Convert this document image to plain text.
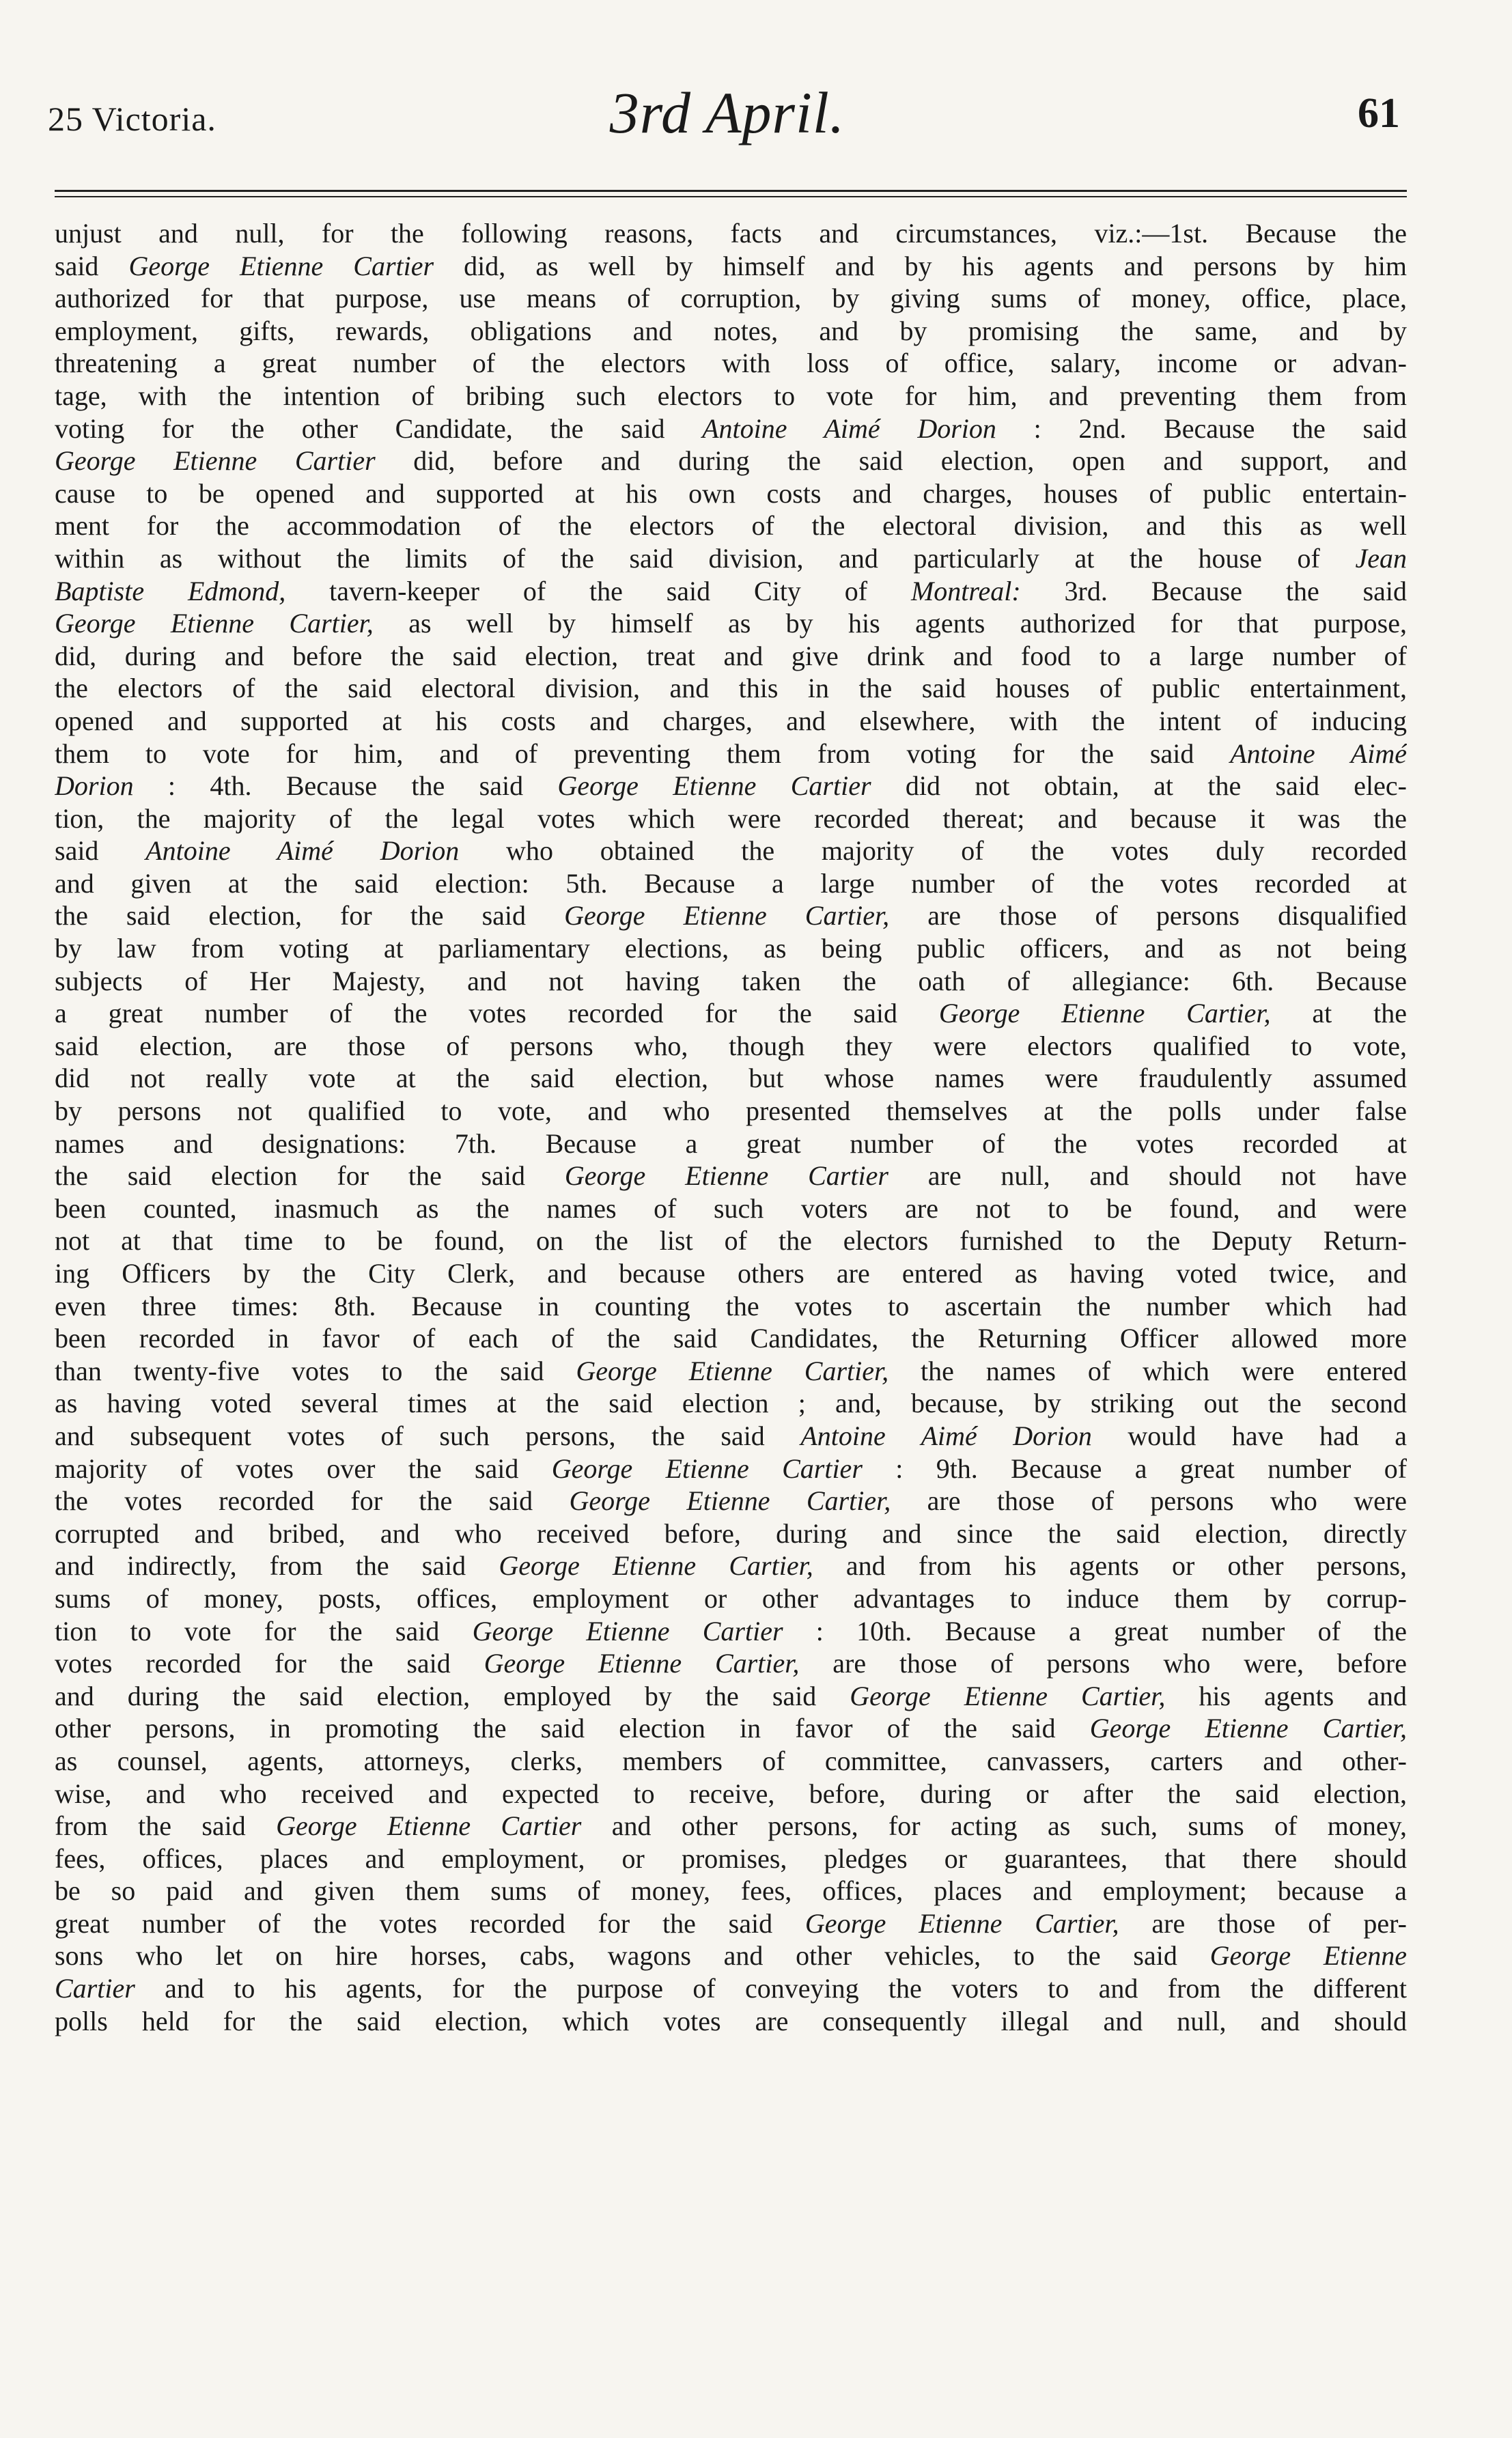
25 Victoria.	3rd April.	61
unjust and null, for the following reasons, facts and circumstances, viz.:—1st. Because the
said George Etienne Cartier did, as well by himself and by his agents and persons by him
authorized for that purpose, use means of corruption, by giving sums of money, office, place,
employment, gifts, rewards, obligations and notes, and by promising the same, and by
threatening a great number of the electors with loss of office, salary, income or advan-
tage, with the intention of bribing such electors to vote for him, and preventing them from
voting for the other Candidate, the said Antoine Aimé Dorion : 2nd. Because the said
George Etienne Cartier did, before and during the said election, open and support, and
cause to be opened and supported at his own costs and charges, houses of public entertain-
ment for the accommodation of the electors of the electoral division, and this as well
within as without the limits of the said division, and particularly at the house of Jean
Baptiste Edmond, tavern-keeper of the said City of Montreal: 3rd. Because the said
George Etienne Cartier, as well by himself as by his agents authorized for that purpose,
did, during and before the said election, treat and give drink and food to a large number of
the electors of the said electoral division, and this in the said houses of public entertainment,
opened and supported at his costs and charges, and elsewhere, with the intent of inducing
them to vote for him, and of preventing them from voting for the said Antoine Aimé
Dorion : 4th. Because the said George Etienne Cartier did not obtain, at the said elec-
tion, the majority of the legal votes which were recorded thereat; and because it was the
said Antoine Aimé Dorion who obtained the majority of the votes duly recorded
and given at the said election: 5th. Because a large number of the votes recorded at
the said election, for the said George Etienne Cartier, are those of persons disqualified
by law from voting at parliamentary elections, as being public officers, and as not being
subjects of Her Majesty, and not having taken the oath of allegiance: 6th. Because
a great number of the votes recorded for the said George Etienne Cartier, at the
said election, are those of persons who, though they were electors qualified to vote,
did not really vote at the said election, but whose names were fraudulently assumed
by persons not qualified to vote, and who presented themselves at the polls under false
names and designations: 7th. Because a great number of the votes recorded at
the said election for the said George Etienne Cartier are null, and should not have
been counted, inasmuch as the names of such voters are not to be found, and were
not at that time to be found, on the list of the electors furnished to the Deputy Return-
ing Officers by the City Clerk, and because others are entered as having voted twice, and
even three times: 8th. Because in counting the votes to ascertain the number which had
been recorded in favor of each of the said Candidates, the Returning Officer allowed more
than twenty-five votes to the said George Etienne Cartier, the names of which were entered
as having voted several times at the said election ; and, because, by striking out the second
and subsequent votes of such persons, the said Antoine Aimé Dorion would have had a
majority of votes over the said George Etienne Cartier : 9th. Because a great number of
the votes recorded for the said George Etienne Cartier, are those of persons who were
corrupted and bribed, and who received before, during and since the said election, directly
and indirectly, from the said George Etienne Cartier, and from his agents or other persons,
sums of money, posts, offices, employment or other advantages to induce them by corrup-
tion to vote for the said George Etienne Cartier : 10th. Because a great number of the
votes recorded for the said George Etienne Cartier, are those of persons who were, before
and during the said election, employed by the said George Etienne Cartier, his agents and
other persons, in promoting the said election in favor of the said George Etienne Cartier,
as counsel, agents, attorneys, clerks, members of committee, canvassers, carters and other-
wise, and who received and expected to receive, before, during or after the said election,
from the said George Etienne Cartier and other persons, for acting as such, sums of money,
fees, offices, places and employment, or promises, pledges or guarantees, that there should
be so paid and given them sums of money, fees, offices, places and employment; because a
great number of the votes recorded for the said George Etienne Cartier, are those of per-
sons who let on hire horses, cabs, wagons and other vehicles, to the said George Etienne
Cartier and to his agents, for the purpose of conveying the voters to and from the different
polls held for the said election, which votes are consequently illegal and null, and should
